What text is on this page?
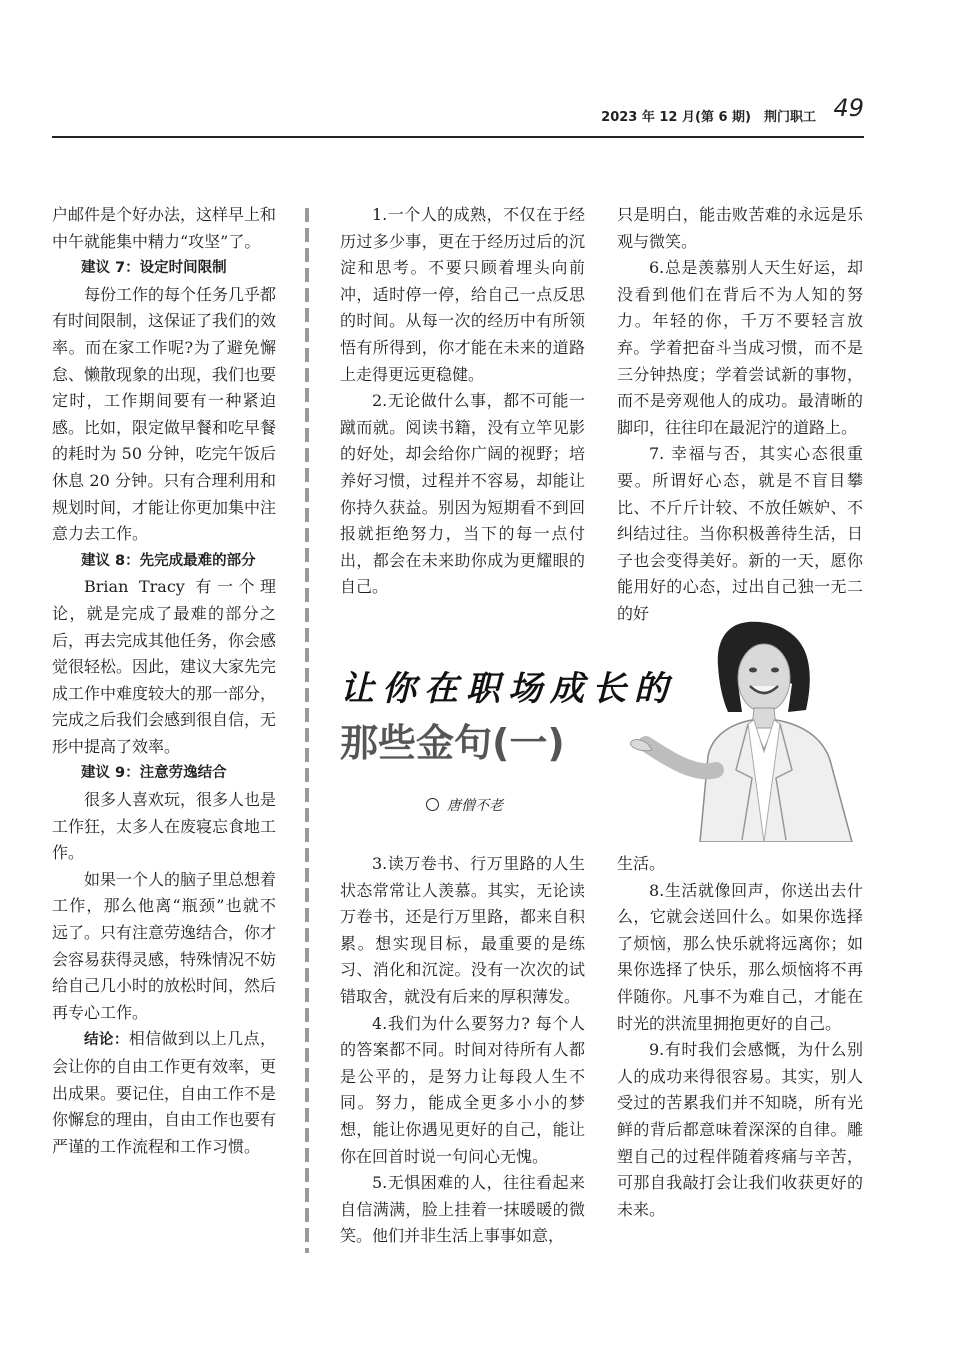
2023 年 12 月(第 6 期)　荆门职工 49

户邮件是个好办法，这样早上和中午就能集中精力“攻坚”了。

建议 7：设定时间限制

每份工作的每个任务几乎都有时间限制，这保证了我们的效率。而在家工作呢?为了避免懈怠、懒散现象的出现，我们也要定时，工作期间要有一种紧迫感。比如，限定做早餐和吃早餐的耗时为 50 分钟，吃完午饭后休息 20 分钟。只有合理利用和规划时间，才能让你更加集中注意力去工作。

建议 8：先完成最难的部分

Brian Tracy 有一个理论，就是完成了最难的部分之后，再去完成其他任务，你会感觉很轻松。因此，建议大家先完成工作中难度较大的那一部分，完成之后我们会感到很自信，无形中提高了效率。

建议 9：注意劳逸结合

很多人喜欢玩，很多人也是工作狂，太多人在废寝忘食地工作。

如果一个人的脑子里总想着工作，那么他离“瓶颈”也就不远了。只有注意劳逸结合，你才会容易获得灵感，特殊情况不妨给自己几小时的放松时间，然后再专心工作。

结论：相信做到以上几点，会让你的自由工作更有效率，更出成果。要记住，自由工作不是你懈怠的理由，自由工作也要有严谨的工作流程和工作习惯。

1.一个人的成熟，不仅在于经历过多少事，更在于经历过后的沉淀和思考。不要只顾着埋头向前冲，适时停一停，给自己一点反思的时间。从每一次的经历中有所领悟有所得到，你才能在未来的道路上走得更远更稳健。

2.无论做什么事，都不可能一蹴而就。阅读书籍，没有立竿见影的好处，却会给你广阔的视野；培养好习惯，过程并不容易，却能让你持久获益。别因为短期看不到回报就拒绝努力，当下的每一点付出，都会在未来助你成为更耀眼的自己。

只是明白，能击败苦难的永远是乐观与微笑。

6.总是羡慕别人天生好运，却没看到他们在背后不为人知的努力。年轻的你，千万不要轻言放弃。学着把奋斗当成习惯，而不是三分钟热度；学着尝试新的事物，而不是旁观他人的成功。最清晰的脚印，往往印在最泥泞的道路上。

7. 幸福与否，其实心态很重要。所谓好心态，就是不盲目攀比、不斤斤计较、不放任嫉妒、不纠结过往。当你积极善待生活，日子也会变得美好。新的一天，愿你能用好的心态，过出自己独一无二的好

让你在职场成长的
那些金句(一)
唐僧不老

3.读万卷书、行万里路的人生状态常常让人羡慕。其实，无论读万卷书，还是行万里路，都来自积累。想实现目标，最重要的是练习、消化和沉淀。没有一次次的试错取舍，就没有后来的厚积薄发。

4.我们为什么要努力? 每个人的答案都不同。时间对待所有人都是公平的，是努力让每段人生不同。努力，能成全更多小小的梦想，能让你遇见更好的自己，能让你在回首时说一句问心无愧。

5.无惧困难的人，往往看起来自信满满，脸上挂着一抹暖暖的微笑。他们并非生活上事事如意，

生活。

8.生活就像回声，你送出去什么，它就会送回什么。如果你选择了烦恼，那么快乐就将远离你；如果你选择了快乐，那么烦恼将不再伴随你。凡事不为难自己，才能在时光的洪流里拥抱更好的自己。

9.有时我们会感慨，为什么别人的成功来得很容易。其实，别人受过的苦累我们并不知晓，所有光鲜的背后都意味着深深的自律。雕塑自己的过程伴随着疼痛与辛苦，可那自我敲打会让我们收获更好的未来。
